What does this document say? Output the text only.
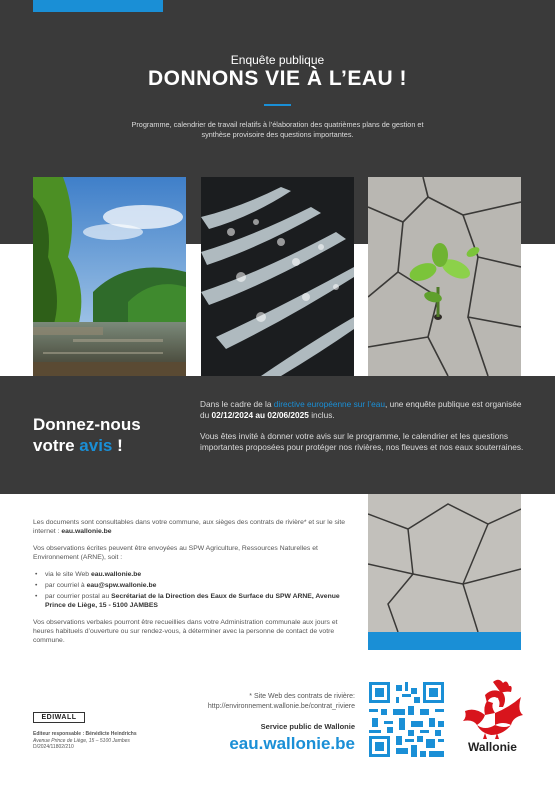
Enquête publique
DONNONS VIE À L’EAU !
Programme, calendrier de travail relatifs à l’élaboration des quatrièmes plans de gestion et
synthèse provisoire des questions importantes.
Donnez-nous
votre avis !

Dans le cadre de la directive européenne sur l’eau, une enquête publique est organisée du 02/12/2024 au 02/06/2025 inclus.

Vous êtes invité à donner votre avis sur le programme, le calendrier et les questions importantes proposées pour protéger nos rivières, nos fleuves et nos eaux souterraines.

Les documents sont consultables dans votre commune, aux sièges des contrats de rivière* et sur le site internet : eau.wallonie.be

Vos observations écrites peuvent être envoyées au SPW Agriculture, Ressources Naturelles et Environnement (ARNE), soit :

• via le site Web eau.wallonie.be
• par courriel à eau@spw.wallonie.be
• par courrier postal au Secrétariat de la Direction des Eaux de Surface du SPW ARNE, Avenue Prince de Liège, 15 - 5100 JAMBES

Vos observations verbales pourront être recueillies dans votre Administration communale aux jours et heures habituels d’ouverture ou sur rendez-vous, à déterminer avec la personne de contact de votre commune.

EDIWALL
Editeur responsable : Bénédicte Heindrichs
Avenue Prince de Liège, 15 – 5100 Jambes
D/2024/11802/210
* Site Web des contrats de rivière:
http://environnement.wallonie.be/contrat_riviere
Service public de Wallonie
eau.wallonie.be	Wallonie
